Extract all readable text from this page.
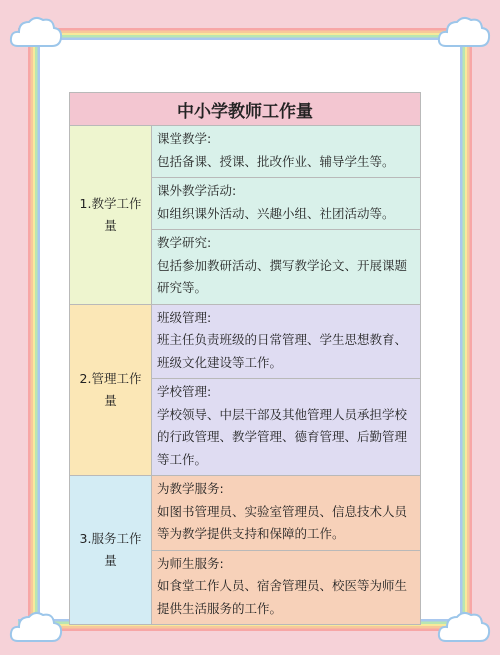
中小学教师工作量
1.教学工作量
课堂教学:
包括备课、授课、批改作业、辅导学生等。
课外教学活动:
如组织课外活动、兴趣小组、社团活动等。
教学研究:
包括参加教研活动、撰写教学论文、开展课题研究等。
2.管理工作量
班级管理:
班主任负责班级的日常管理、学生思想教育、班级文化建设等工作。
学校管理:
学校领导、中层干部及其他管理人员承担学校的行政管理、教学管理、德育管理、后勤管理等工作。
3.服务工作量
为教学服务:
如图书管理员、实验室管理员、信息技术人员等为教学提供支持和保障的工作。
为师生服务:
如食堂工作人员、宿舍管理员、校医等为师生提供生活服务的工作。
